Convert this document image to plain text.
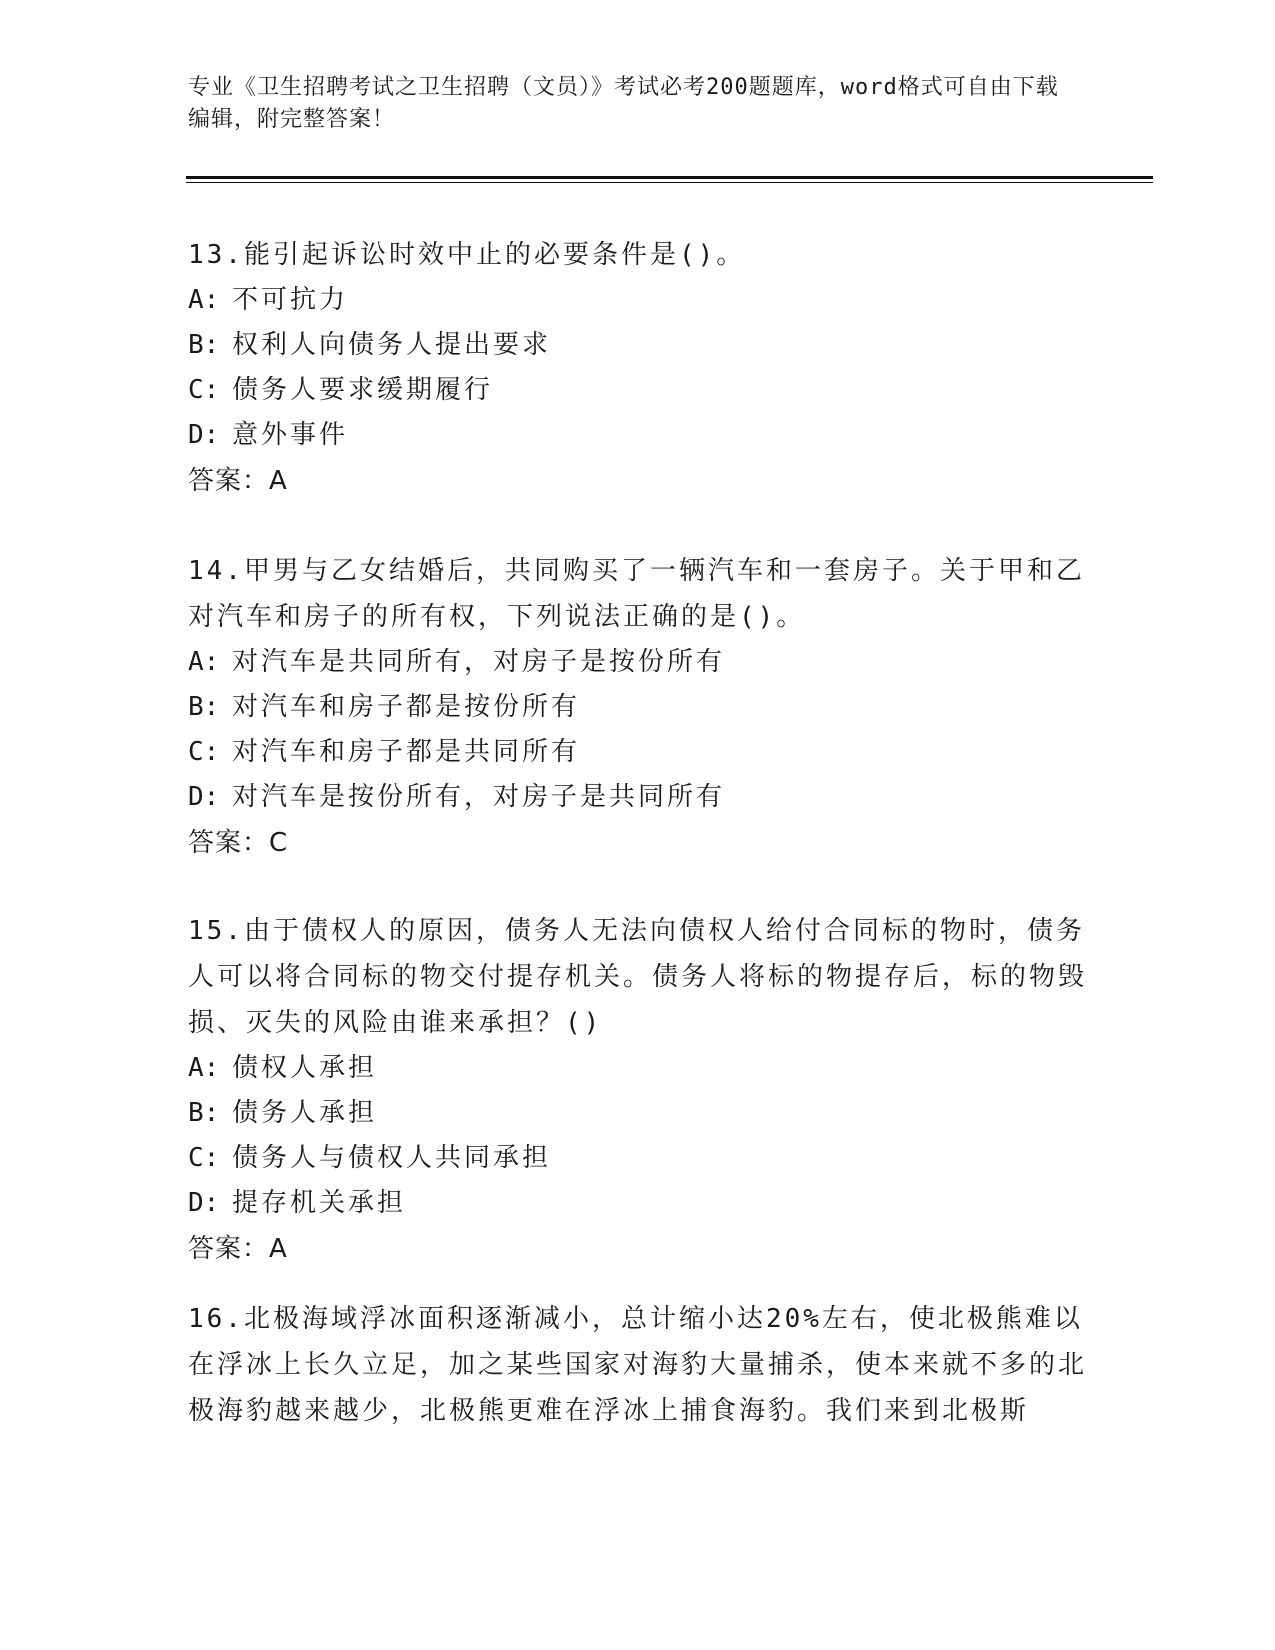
专业《卫生招聘考试之卫生招聘（文员）》考试必考200题题库，word格式可自由下载编辑，附完整答案！

13.能引起诉讼时效中止的必要条件是()。

A: 不可抗力

B: 权利人向债务人提出要求

C: 债务人要求缓期履行

D: 意外事件

答案：A

14.甲男与乙女结婚后，共同购买了一辆汽车和一套房子。关于甲和乙对汽车和房子的所有权，下列说法正确的是()。

A: 对汽车是共同所有，对房子是按份所有

B: 对汽车和房子都是按份所有

C: 对汽车和房子都是共同所有

D: 对汽车是按份所有，对房子是共同所有

答案：C

15.由于债权人的原因，债务人无法向债权人给付合同标的物时，债务人可以将合同标的物交付提存机关。债务人将标的物提存后，标的物毁损、灭失的风险由谁来承担？()

A: 债权人承担

B: 债务人承担

C: 债务人与债权人共同承担

D: 提存机关承担

答案：A

16.北极海域浮冰面积逐渐减小，总计缩小达20%左右，使北极熊难以在浮冰上长久立足，加之某些国家对海豹大量捕杀，使本来就不多的北极海豹越来越少，北极熊更难在浮冰上捕食海豹。我们来到北极斯
